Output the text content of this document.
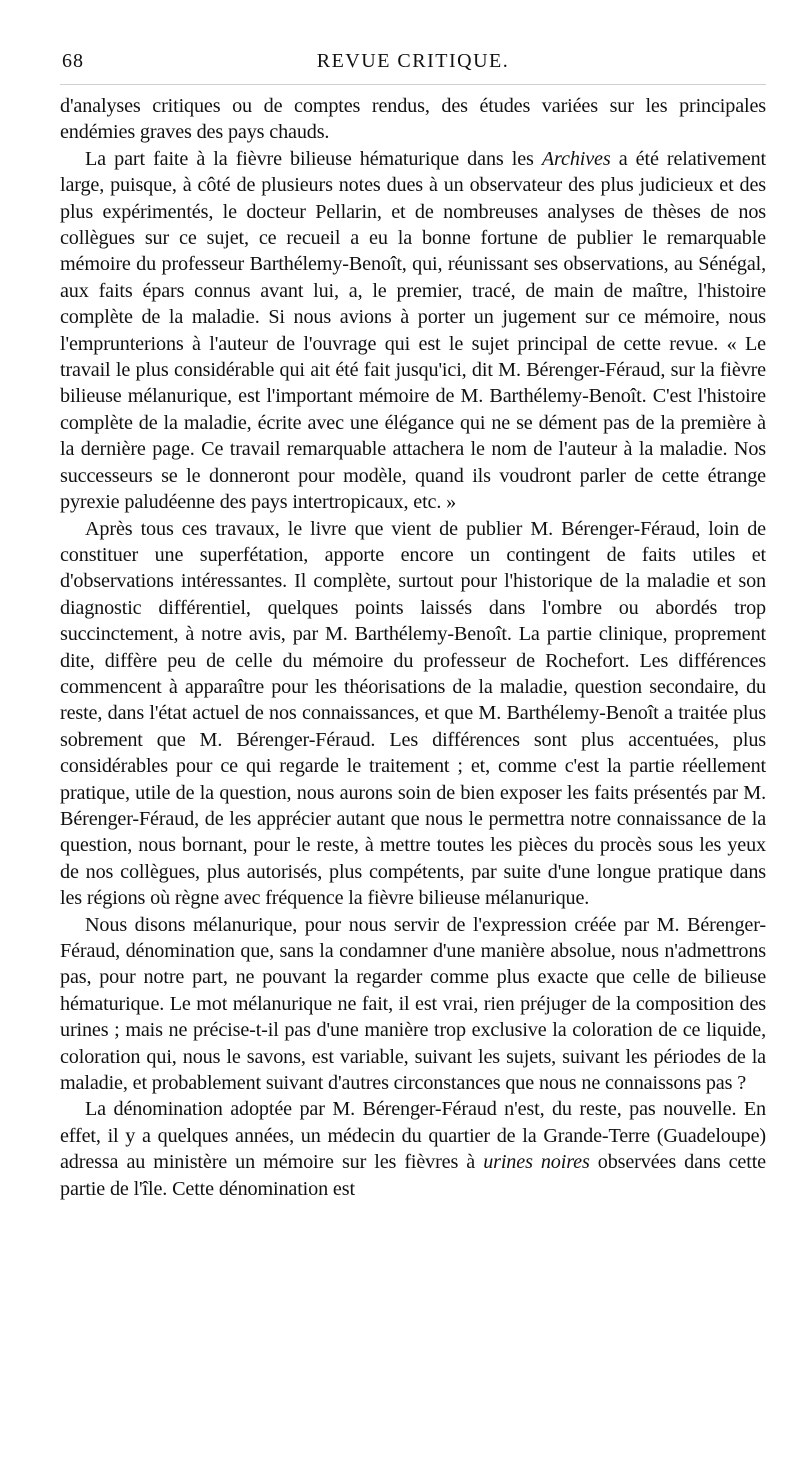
68	REVUE CRITIQUE.

d'analyses critiques ou de comptes rendus, des études variées sur les principales endémies graves des pays chauds.

La part faite à la fièvre bilieuse hématurique dans les Archives a été relativement large, puisque, à côté de plusieurs notes dues à un observateur des plus judicieux et des plus expérimentés, le docteur Pellarin, et de nombreuses analyses de thèses de nos collègues sur ce sujet, ce recueil a eu la bonne fortune de publier le remarquable mémoire du professeur Barthélemy-Benoît, qui, réunissant ses observations, au Sénégal, aux faits épars connus avant lui, a, le premier, tracé, de main de maître, l'histoire complète de la maladie. Si nous avions à porter un jugement sur ce mémoire, nous l'emprunterions à l'auteur de l'ouvrage qui est le sujet principal de cette revue. « Le travail le plus considérable qui ait été fait jusqu'ici, dit M. Bérenger-Féraud, sur la fièvre bilieuse mélanurique, est l'important mémoire de M. Barthélemy-Benoît. C'est l'histoire complète de la maladie, écrite avec une élégance qui ne se dément pas de la première à la dernière page. Ce travail remarquable attachera le nom de l'auteur à la maladie. Nos successeurs se le donneront pour modèle, quand ils voudront parler de cette étrange pyrexie paludéenne des pays intertropicaux, etc. »

Après tous ces travaux, le livre que vient de publier M. Bérenger-Féraud, loin de constituer une superfétation, apporte encore un contingent de faits utiles et d'observations intéressantes. Il complète, surtout pour l'historique de la maladie et son diagnostic différentiel, quelques points laissés dans l'ombre ou abordés trop succinctement, à notre avis, par M. Barthélemy-Benoît. La partie clinique, proprement dite, diffère peu de celle du mémoire du professeur de Rochefort. Les différences commencent à apparaître pour les théorisations de la maladie, question secondaire, du reste, dans l'état actuel de nos connaissances, et que M. Barthélemy-Benoît a traitée plus sobrement que M. Bérenger-Féraud. Les différences sont plus accentuées, plus considérables pour ce qui regarde le traitement ; et, comme c'est la partie réellement pratique, utile de la question, nous aurons soin de bien exposer les faits présentés par M. Bérenger-Féraud, de les apprécier autant que nous le permettra notre connaissance de la question, nous bornant, pour le reste, à mettre toutes les pièces du procès sous les yeux de nos collègues, plus autorisés, plus compétents, par suite d'une longue pratique dans les régions où règne avec fréquence la fièvre bilieuse mélanurique.

Nous disons mélanurique, pour nous servir de l'expression créée par M. Bérenger-Féraud, dénomination que, sans la condamner d'une manière absolue, nous n'admettrons pas, pour notre part, ne pouvant la regarder comme plus exacte que celle de bilieuse hématurique. Le mot mélanurique ne fait, il est vrai, rien préjuger de la composition des urines ; mais ne précise-t-il pas d'une manière trop exclusive la coloration de ce liquide, coloration qui, nous le savons, est variable, suivant les sujets, suivant les périodes de la maladie, et probablement suivant d'autres circonstances que nous ne connaissons pas ?

La dénomination adoptée par M. Bérenger-Féraud n'est, du reste, pas nouvelle. En effet, il y a quelques années, un médecin du quartier de la Grande-Terre (Guadeloupe) adressa au ministère un mémoire sur les fièvres à urines noires observées dans cette partie de l'île. Cette dénomination est
